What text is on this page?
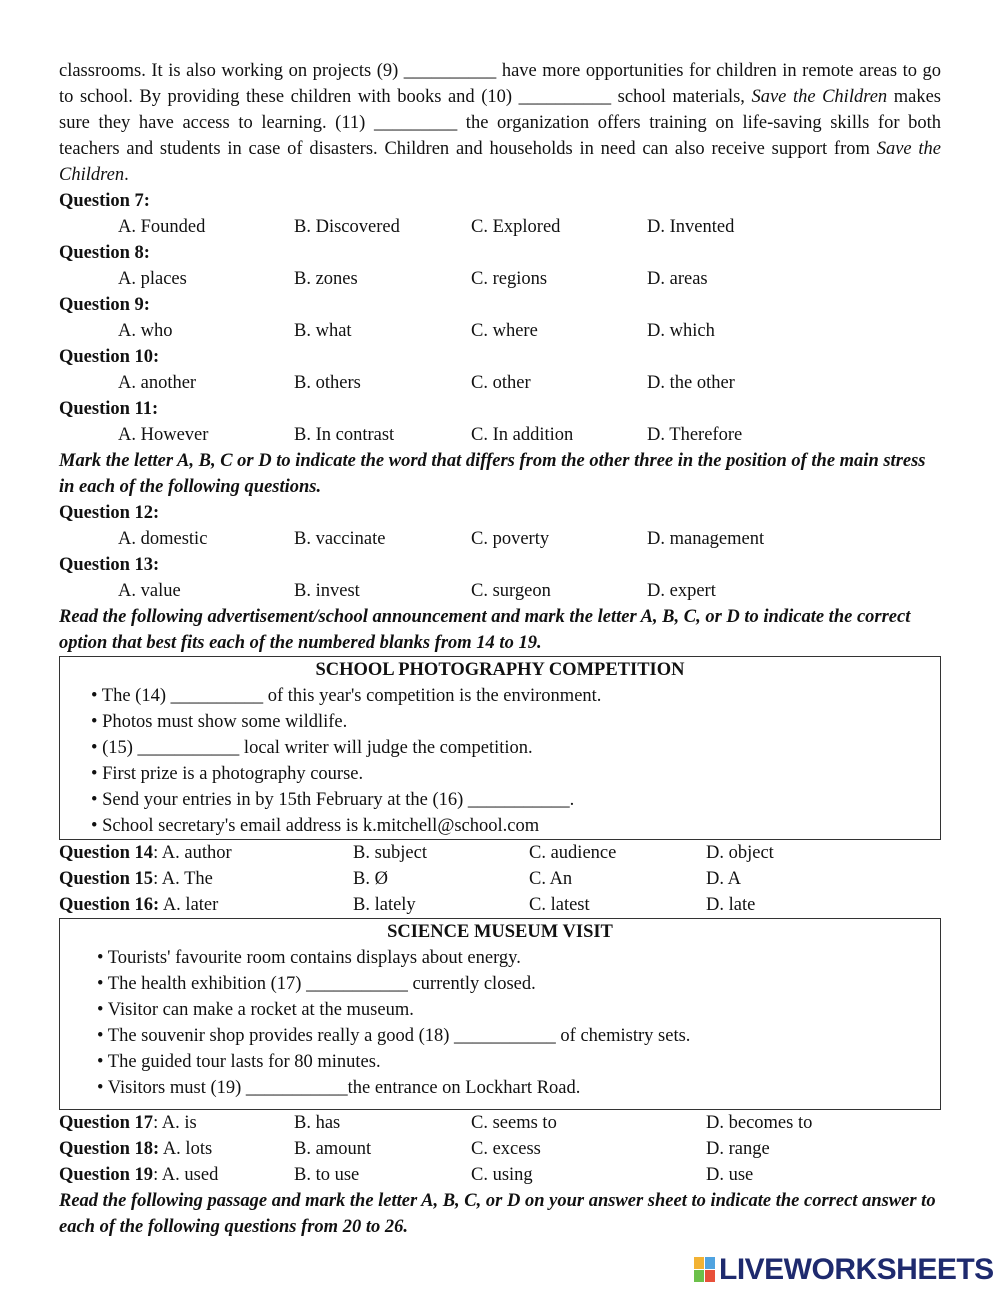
classrooms. It is also working on projects (9) __________ have more opportunities for children in remote areas to go to school. By providing these children with books and (10) __________ school materials, Save the Children makes sure they have access to learning. (11) _________ the organization offers training on life-saving skills for both teachers and students in case of disasters. Children and households in need can also receive support from Save the Children.

Question 7:
A. Founded	B. Discovered	C. Explored	D. Invented
Question 8:
A. places	B. zones	C. regions	D. areas
Question 9:
A. who	B. what	C. where	D. which
Question 10:
A. another	B. others	C. other	D. the other
Question 11:
A. However	B. In contrast	C. In addition	D. Therefore

Mark the letter A, B, C or D to indicate the word that differs from the other three in the position of the main stress in each of the following questions.

Question 12:
A. domestic	B. vaccinate	C. poverty	D. management
Question 13:
A. value	B. invest	C. surgeon	D. expert

Read the following advertisement/school announcement and mark the letter A, B, C, or D to indicate the correct option that best fits each of the numbered blanks from 14 to 19.

SCHOOL PHOTOGRAPHY COMPETITION
• The (14) __________ of this year's competition is the environment.
• Photos must show some wildlife.
• (15) ___________ local writer will judge the competition.
• First prize is a photography course.
• Send your entries in by 15th February at the (16) ___________.
• School secretary's email address is k.mitchell@school.com
Question 14: A. author	B. subject	C. audience	D. object
Question 15: A. The	B. Ø	C. An	D. A
Question 16: A. later	B. lately	C. latest	D. late
SCIENCE MUSEUM VISIT
• Tourists' favourite room contains displays about energy.
• The health exhibition (17) ___________ currently closed.
• Visitor can make a rocket at the museum.
• The souvenir shop provides really a good (18) ___________ of chemistry sets.
• The guided tour lasts for 80 minutes.
• Visitors must (19) ___________the entrance on Lockhart Road.
Question 17: A. is	B. has	C. seems to	D. becomes to
Question 18: A. lots	B. amount	C. excess	D. range
Question 19: A. used	B. to use	C. using	D. use

Read the following passage and mark the letter A, B, C, or D on your answer sheet to indicate the correct answer to each of the following questions from 20 to 26.

LIVEWORKSHEETS
